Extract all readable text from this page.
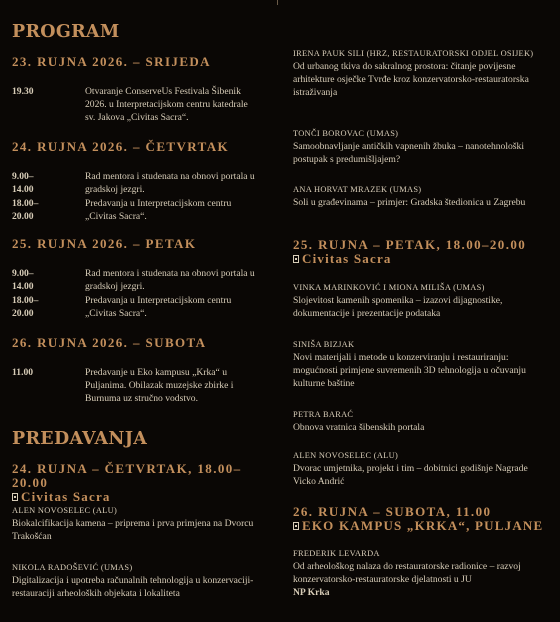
PROGRAM
23. RUJNA 2026. – SRIJEDA
19.30	Otvaranje ConserveUs Festivala Šibenik 2026. u Interpretacijskom centru katedrale sv. Jakova „Civitas Sacra“.
24. RUJNA 2026. – ČETVRTAK
9.00–14.00
Rad mentora i studenata na obnovi portala u gradskoj jezgri.
18.00–20.00
Predavanja u Interpretacijskom centru „Civitas Sacra“.
25. RUJNA 2026. – PETAK
9.00–14.00
Rad mentora i studenata na obnovi portala u gradskoj jezgri.
18.00–20.00
Predavanja u Interpretacijskom centru „Civitas Sacra“.
26. RUJNA 2026. – SUBOTA
11.00	Predavanje u Eko kampusu „Krka“ u Puljanima. Obilazak muzejske zbirke i Burnuma uz stručno vodstvo.
PREDAVANJA
24. RUJNA – ČETVRTAK, 18.00–20.00
Civitas Sacra
ALEN NOVOSELEC (ALU)
Biokalcifikacija kamena – priprema i prva primjena na Dvorcu Trakošćan
NIKOLA RADOŠEVIĆ (UMAS)
Digitalizacija i upotreba računalnih tehnologija u konzervaciji-restauraciji arheoloških objekata i lokaliteta
IRENA PAUK SILI (HRZ, RESTAURATORSKI ODJEL OSIJEK)
Od urbanog tkiva do sakralnog prostora: čitanje povijesne arhitekture osječke Tvrđe kroz konzervatorsko-restauratorska istraživanja
TONČI BOROVAC (UMAS)
Samoobnavljanje antičkih vapnenih žbuka – nanotehnološki postupak s predumišljajem?
ANA HORVAT MRAZEK (UMAS)
Soli u građevinama – primjer: Gradska štedionica u Zagrebu
25. RUJNA – PETAK, 18.00–20.00
Civitas Sacra
VINKA MARINKOVIĆ I MIONA MILIŠA (UMAS)
Slojevitost kamenih spomenika – izazovi dijagnostike, dokumentacije i prezentacije podataka
SINIŠA BIZJAK
Novi materijali i metode u konzerviranju i restauriranju: mogućnosti primjene suvremenih 3D tehnologija u očuvanju kulturne baštine
PETRA BARAĆ
Obnova vratnica šibenskih portala
ALEN NOVOSELEC (ALU)
Dvorac umjetnika, projekt i tim – dobitnici godišnje Nagrade Vicko Andrić
26. RUJNA – SUBOTA, 11.00
EKO KAMPUS „KRKA“, PULJANE
FREDERIK LEVARDA
Od arheološkog nalaza do restauratorske radionice – razvoj konzervatorsko-restauratorske djelatnosti u JU
NP Krka
